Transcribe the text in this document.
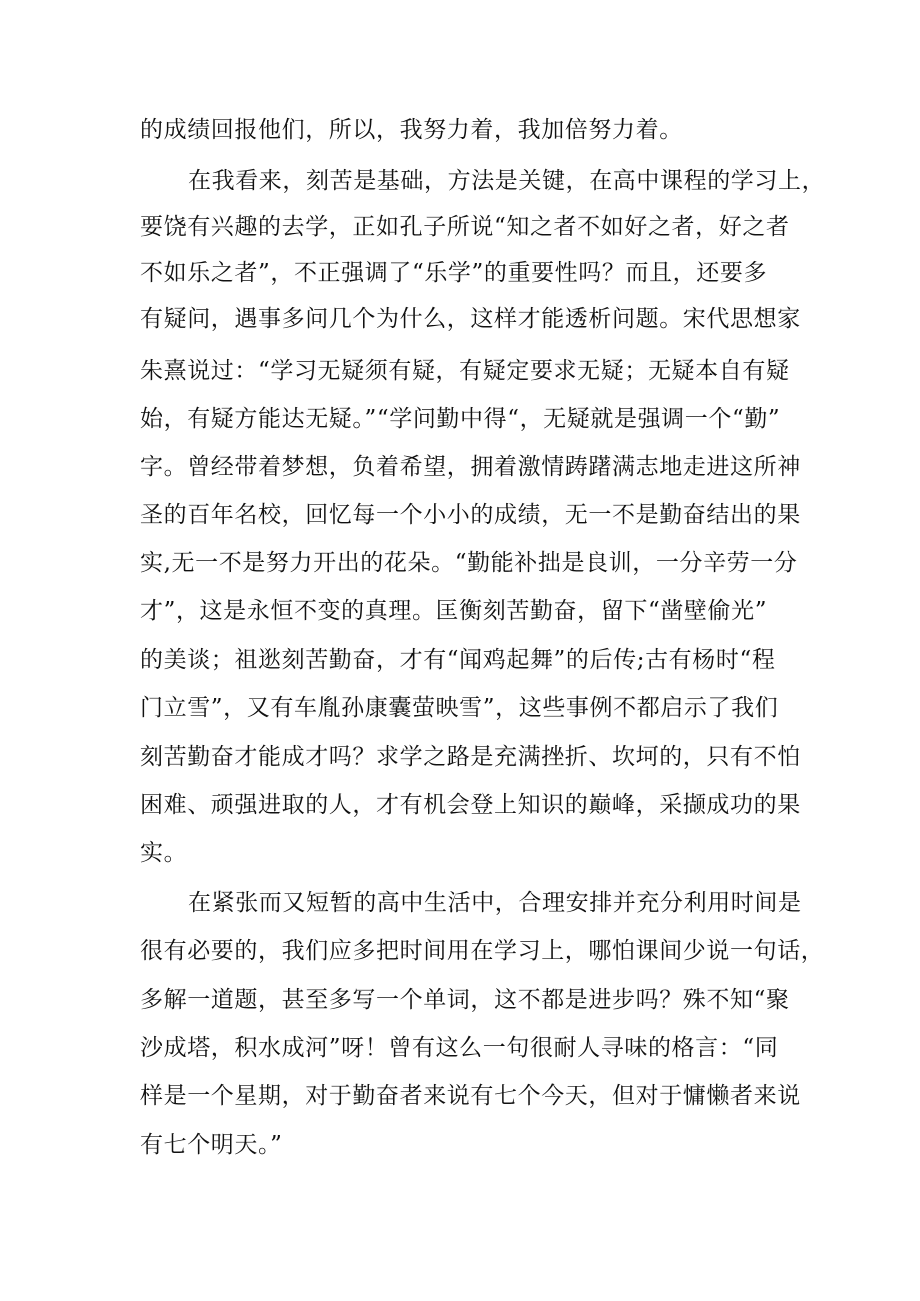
的成绩回报他们，所以，我努力着，我加倍努力着。
在我看来，刻苦是基础，方法是关键，在高中课程的学习上，
要饶有兴趣的去学，正如孔子所说“知之者不如好之者，好之者
不如乐之者”，不正强调了“乐学”的重要性吗？而且，还要多
有疑问，遇事多问几个为什么，这样才能透析问题。宋代思想家
朱熹说过：“学习无疑须有疑，有疑定要求无疑；无疑本自有疑
始，有疑方能达无疑。”“学问勤中得“，无疑就是强调一个“勤”
字。曾经带着梦想，负着希望，拥着激情踌躇满志地走进这所神
圣的百年名校，回忆每一个小小的成绩，无一不是勤奋结出的果
实,无一不是努力开出的花朵。“勤能补拙是良训，一分辛劳一分
才”，这是永恒不变的真理。匡衡刻苦勤奋，留下“凿壁偷光”
的美谈；祖逖刻苦勤奋，才有“闻鸡起舞”的后传;古有杨时“程
门立雪”，又有车胤孙康囊萤映雪”，这些事例不都启示了我们
刻苦勤奋才能成才吗？求学之路是充满挫折、坎坷的，只有不怕
困难、顽强进取的人，才有机会登上知识的巅峰，采撷成功的果
实。
在紧张而又短暂的高中生活中，合理安排并充分利用时间是
很有必要的，我们应多把时间用在学习上，哪怕课间少说一句话，
多解一道题，甚至多写一个单词，这不都是进步吗？殊不知“聚
沙成塔，积水成河”呀！曾有这么一句很耐人寻味的格言：“同
样是一个星期，对于勤奋者来说有七个今天，但对于慵懒者来说
有七个明天。”
